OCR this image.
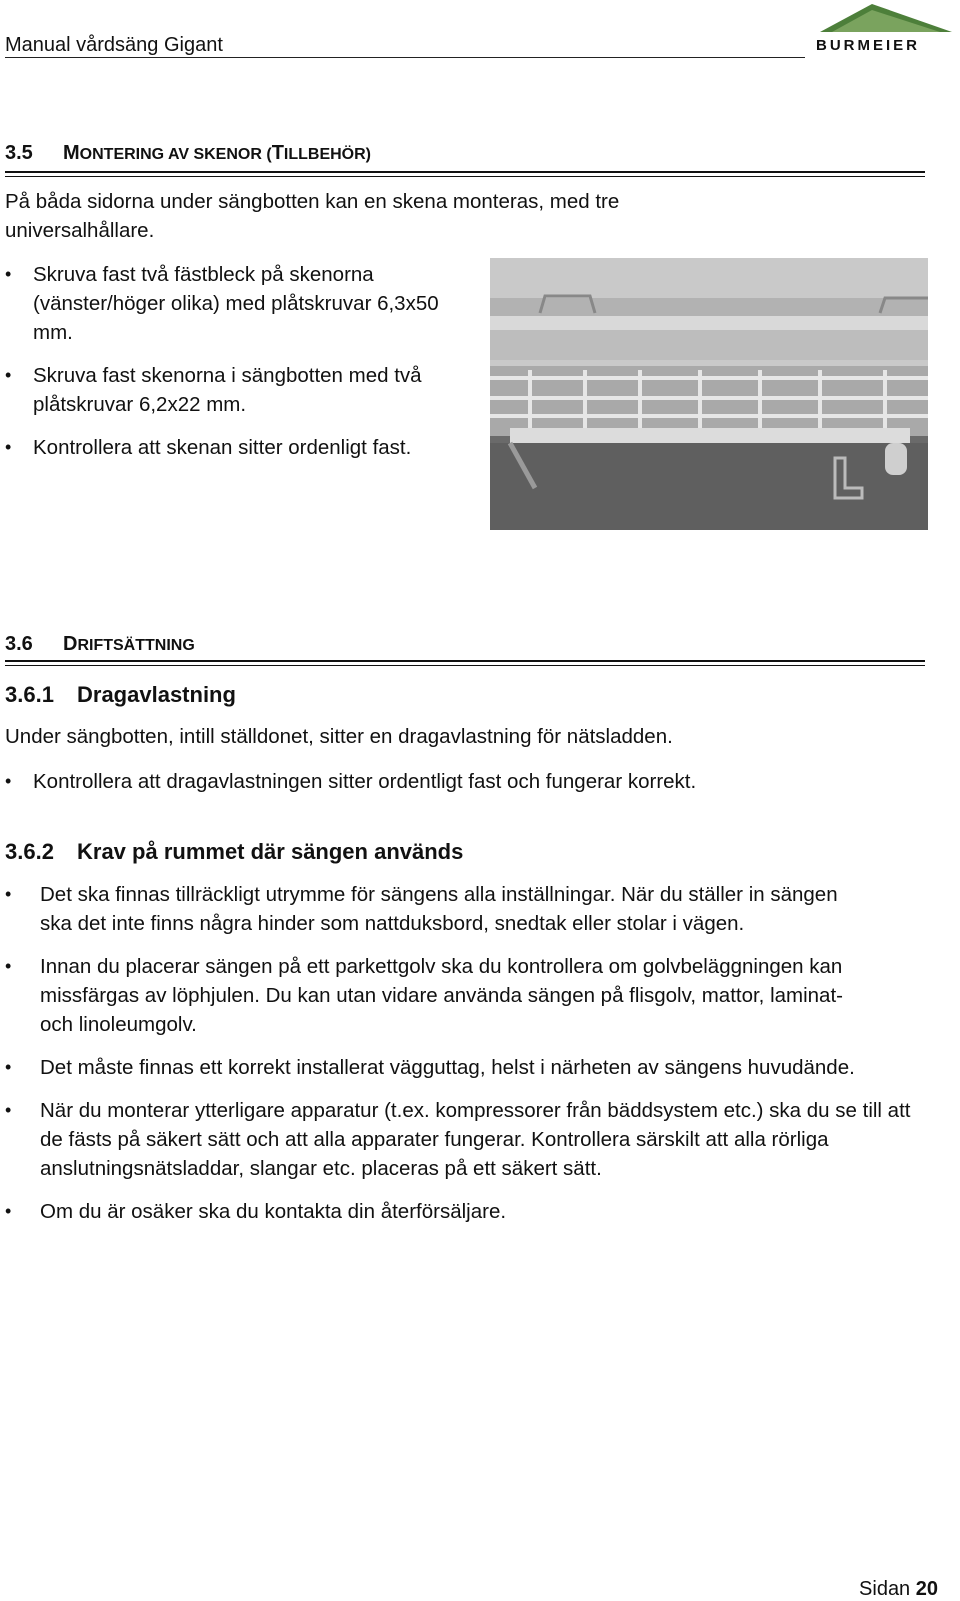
Manual vårdsäng Gigant	BURMEIER
3.5 MONTERING AV SKENOR (TILLBEHÖR)
På båda sidorna under sängbotten kan en skena monteras, med tre universalhållare.
• Skruva fast två fästbleck på skenorna (vänster/höger olika) med plåtskruvar 6,3x50 mm.
• Skruva fast skenorna i sängbotten med två plåtskruvar 6,2x22 mm.
• Kontrollera att skenan sitter ordenligt fast.
3.6 DRIFTSÄTTNING
3.6.1 Dragavlastning
Under sängbotten, intill ställdonet, sitter en dragavlastning för nätsladden.
• Kontrollera att dragavlastningen sitter ordentligt fast och fungerar korrekt.
3.6.2 Krav på rummet där sängen används
• Det ska finnas tillräckligt utrymme för sängens alla inställningar. När du ställer in sängen ska det inte finns några hinder som nattduksbord, snedtak eller stolar i vägen.
• Innan du placerar sängen på ett parkettgolv ska du kontrollera om golvbeläggningen kan missfärgas av löphjulen. Du kan utan vidare använda sängen på flisgolv, mattor, laminat- och linoleumgolv.
• Det måste finnas ett korrekt installerat vägguttag, helst i närheten av sängens huvudände.
• När du monterar ytterligare apparatur (t.ex. kompressorer från bäddsystem etc.) ska du se till att de fästs på säkert sätt och att alla apparater fungerar. Kontrollera särskilt att alla rörliga anslutningsnätsladdar, slangar etc. placeras på ett säkert sätt.
• Om du är osäker ska du kontakta din återförsäljare.
Sidan 20
